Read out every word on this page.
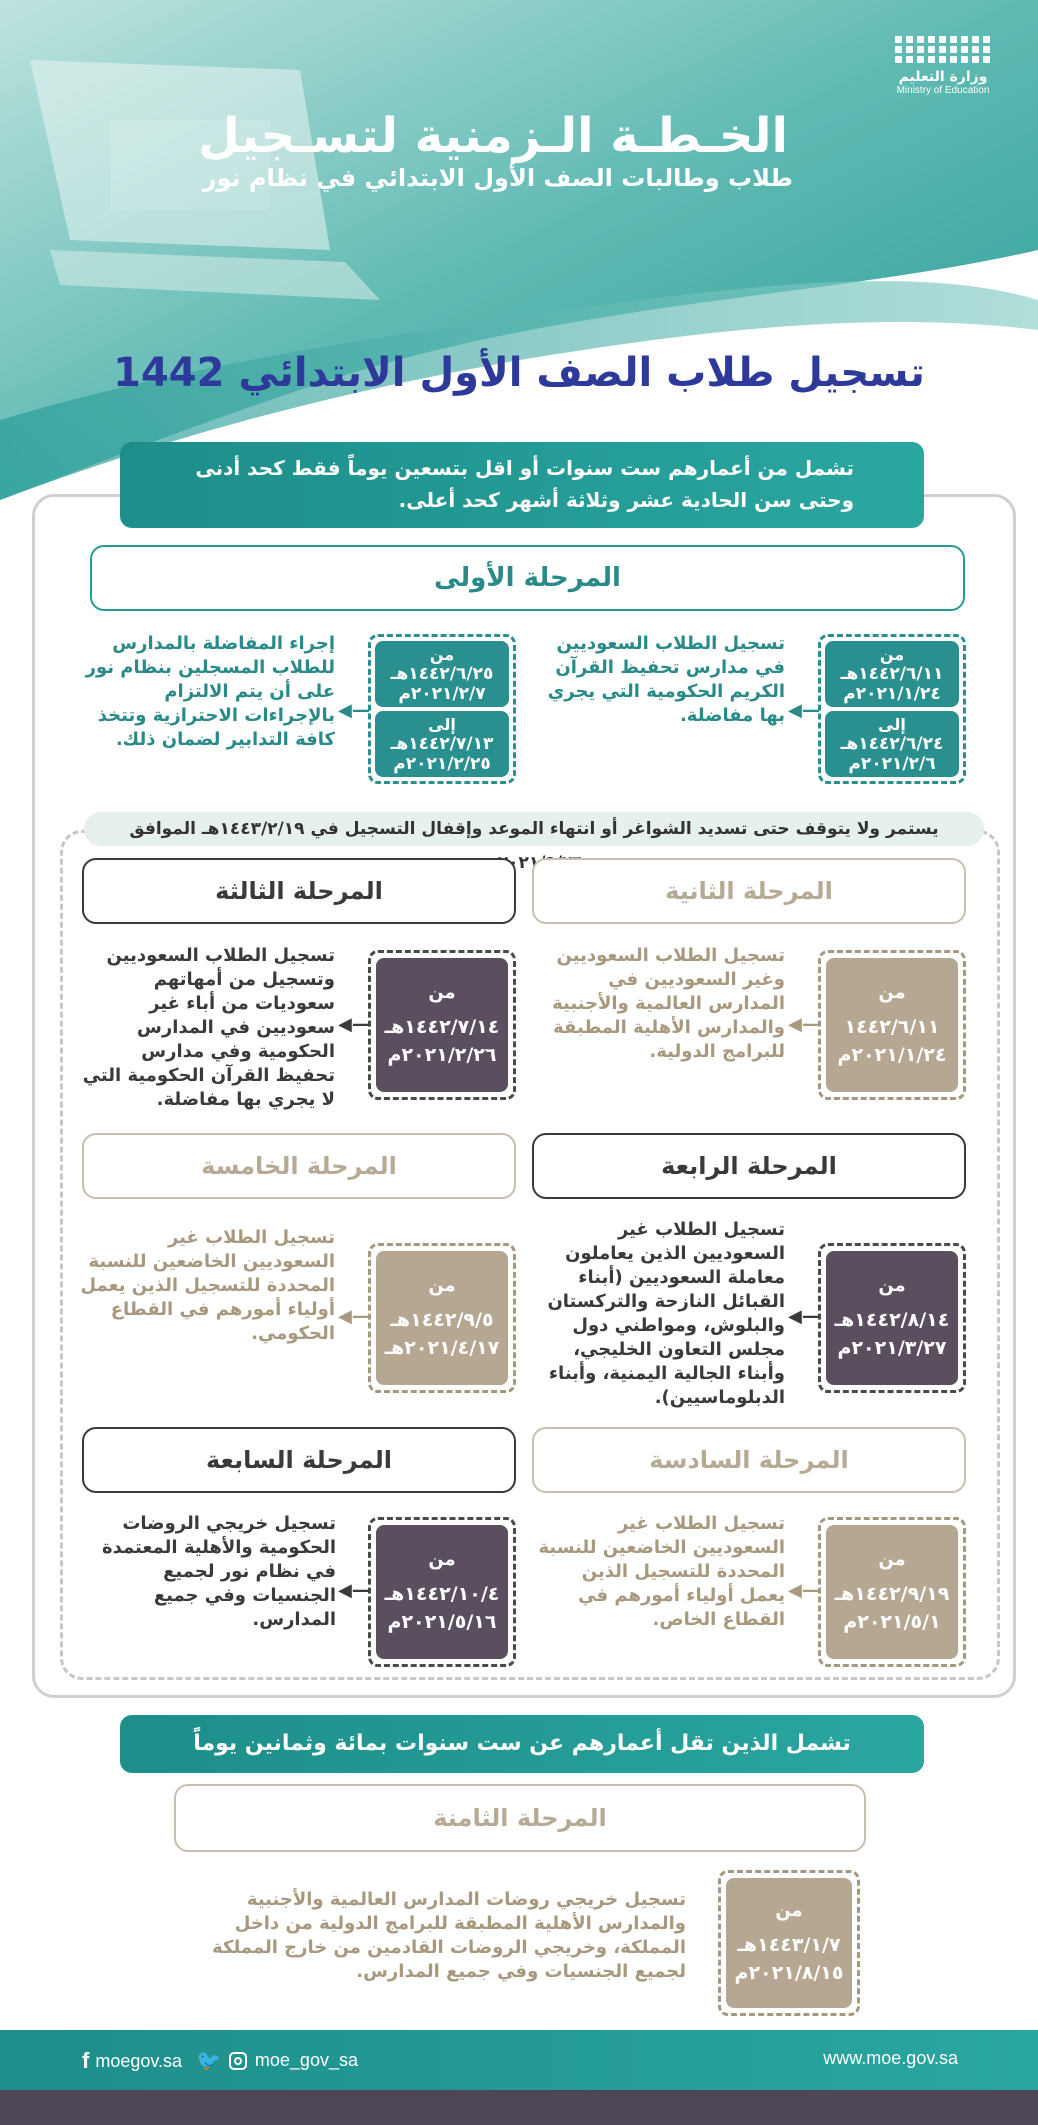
وزارة التعليم
Ministry of Education
الخـطـة الـزمنية لتسـجيل
طلاب وطالبات الصف الأول الابتدائي في نظام نور
تسجيل طلاب الصف الأول الابتدائي 1442
تشمل من أعمارهم ست سنوات أو اقل بتسعين يوماً فقط كحد أدنى وحتى سن الحادية عشر وثلاثة أشهر كحد أعلى.
المرحلة الأولى
من
١٤٤٢/٦/١١هـ
٢٠٢١/١/٢٤م
إلى
١٤٤٢/٦/٢٤هـ
٢٠٢١/٢/٦م
◀—
تسجيل الطلاب السعوديين في مدارس تحفيظ القرآن الكريم الحكومية التي يجري بها مفاضلة.
من
١٤٤٢/٦/٢٥هـ
٢٠٢١/٢/٧م
إلى
١٤٤٢/٧/١٣هـ
٢٠٢١/٢/٢٥م
◀—
إجراء المفاضلة بالمدارس للطلاب المسجلين بنظام نور على أن يتم الالتزام بالإجراءات الاحترازية وتتخذ كافة التدابير لضمان ذلك.
يستمر ولا يتوقف حتى تسديد الشواغر أو انتهاء الموعد وإقفال التسجيل في ١٤٤٣/٢/١٩هـ الموافق
المرحلة الثانية
المرحلة الثالثة
من
١٤٤٢/٦/١١
٢٠٢١/١/٢٤م
◀—
تسجيل الطلاب السعوديين وغير السعوديين في المدارس العالمية والأجنبية والمدارس الأهلية المطبقة للبرامج الدولية.
من
١٤٤٢/٧/١٤هـ
٢٠٢١/٢/٢٦م
◀—
تسجيل الطلاب السعوديين وتسجيل من أمهاتهم سعوديات من أباء غير سعوديين في المدارس الحكومية وفي مدارس تحفيظ القرآن الحكومية التي لا يجري بها مفاضلة.
المرحلة الرابعة
المرحلة الخامسة
من
١٤٤٢/٨/١٤هـ
٢٠٢١/٣/٢٧م
◀—
تسجيل الطلاب غير السعوديين الذين يعاملون معاملة السعوديين (أبناء القبائل النازحة والتركستان والبلوش، ومواطني دول مجلس التعاون الخليجي، وأبناء الجالية اليمنية، وأبناء الدبلوماسيين).
من
١٤٤٢/٩/٥هـ
٢٠٢١/٤/١٧هـ
◀—
تسجيل الطلاب غير السعوديين الخاضعين للنسبة المحددة للتسجيل الذين يعمل أولياء أمورهم في القطاع الحكومي.
المرحلة السادسة
المرحلة السابعة
من
١٤٤٢/٩/١٩هـ
٢٠٢١/٥/١م
◀—
تسجيل الطلاب غير السعوديين الخاضعين للنسبة المحددة للتسجيل الذين يعمل أولياء أمورهم في القطاع الخاص.
من
١٤٤٢/١٠/٤هـ
٢٠٢١/٥/١٦م
◀—
تسجيل خريجي الروضات الحكومية والأهلية المعتمدة في نظام نور لجميع الجنسيات وفي جميع المدارس.
تشمل الذين تقل أعمارهم عن ست سنوات بمائة وثمانين يوماً
المرحلة الثامنة
من
١٤٤٣/١/٧هـ
٢٠٢١/٨/١٥م
تسجيل خريجي روضات المدارس العالمية والأجنبية والمدارس الأهلية المطبقة للبرامج الدولية من داخل المملكة، وخريجي الروضات القادمين من خارج المملكة لجميع الجنسيات وفي جميع المدارس.
f moegov.sa 🐦 moe_gov_sa	www.moe.gov.sa
